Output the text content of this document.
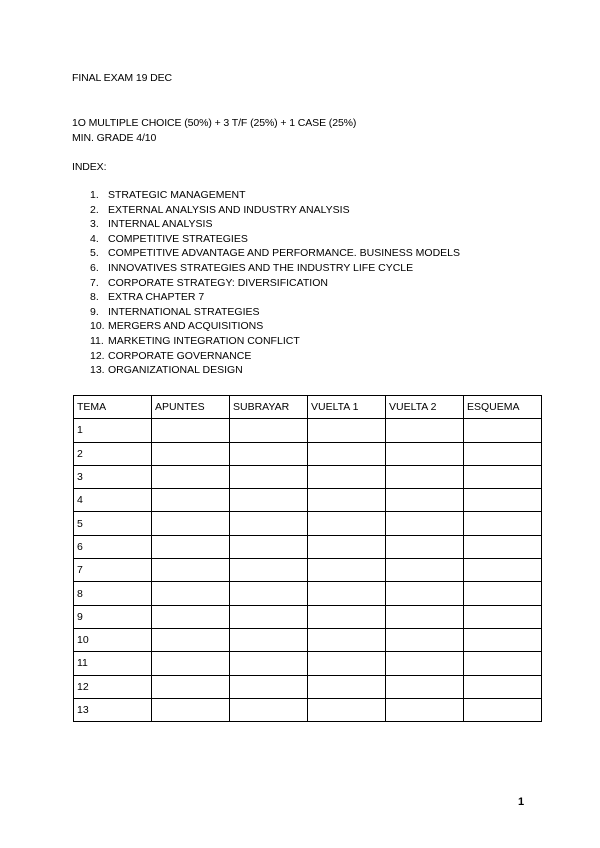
FINAL EXAM 19 DEC
1O MULTIPLE CHOICE (50%) + 3 T/F (25%) + 1 CASE (25%)
MIN. GRADE 4/10
INDEX:
1. STRATEGIC MANAGEMENT
2. EXTERNAL ANALYSIS AND INDUSTRY ANALYSIS
3. INTERNAL ANALYSIS
4. COMPETITIVE STRATEGIES
5. COMPETITIVE ADVANTAGE AND PERFORMANCE. BUSINESS MODELS
6. INNOVATIVES STRATEGIES AND THE INDUSTRY LIFE CYCLE
7. CORPORATE STRATEGY: DIVERSIFICATION
8. EXTRA CHAPTER 7
9. INTERNATIONAL STRATEGIES
10. MERGERS AND ACQUISITIONS
11. MARKETING INTEGRATION CONFLICT
12. CORPORATE GOVERNANCE
13. ORGANIZATIONAL DESIGN
TEMA	APUNTES	SUBRAYAR	VUELTA 1	VUELTA 2	ESQUEMA
1					
2					
3					
4					
5					
6					
7					
8					
9					
10					
11					
12					
13					
1
